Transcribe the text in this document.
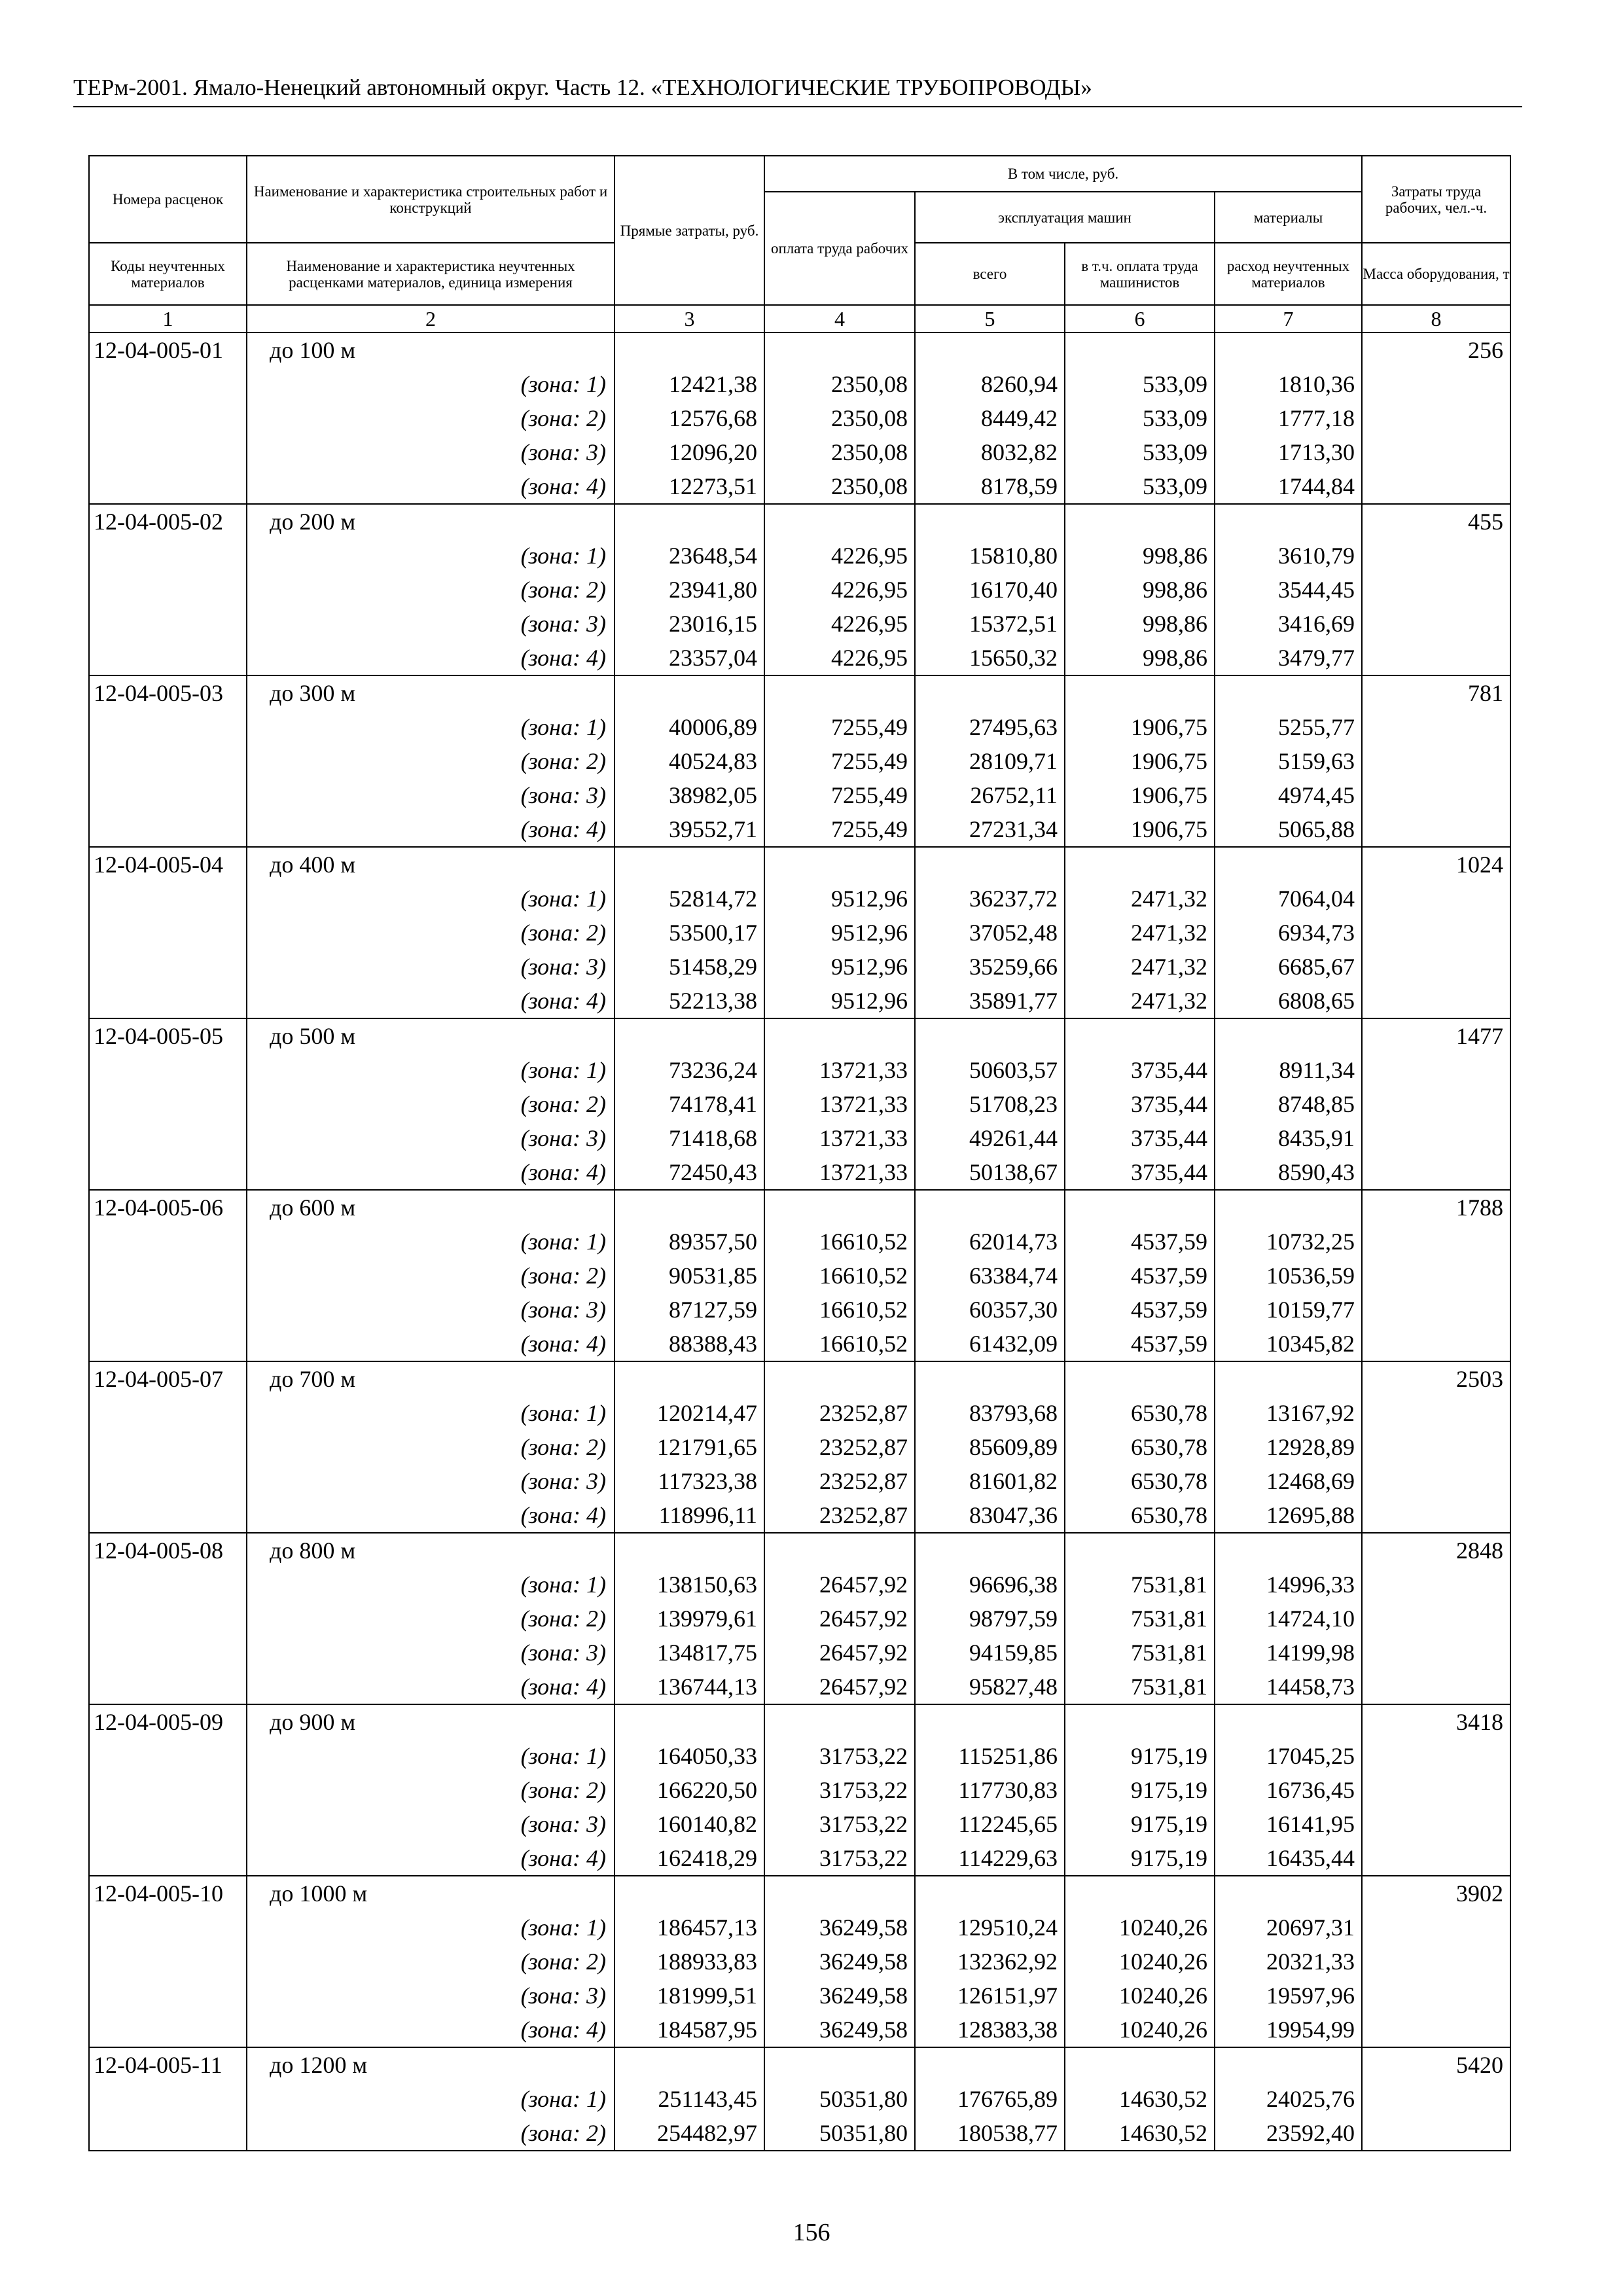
ТЕРм-2001. Ямало-Ненецкий автономный округ. Часть 12. «ТЕХНОЛОГИЧЕСКИЕ ТРУБОПРОВОДЫ»
Номера расценок	Наименование и характеристика строительных работ и конструкций	Прямые затраты, руб.	В том числе, руб.				Затраты труда рабочих, чел.-ч.
			оплата труда рабочих	эксплуатация машин		материалы	
Коды неучтенных материалов	Наименование и характеристика неучтенных расценками материалов, единица измерения			всего	в т.ч. оплата труда машинистов	расход неучтенных материалов	Масса оборудования, т
1	2	3	4	5	6	7	8
12-04-005-01	до 100 м						256
	(зона: 1)	12421,38	2350,08	8260,94	533,09	1810,36	
	(зона: 2)	12576,68	2350,08	8449,42	533,09	1777,18	
	(зона: 3)	12096,20	2350,08	8032,82	533,09	1713,30	
	(зона: 4)	12273,51	2350,08	8178,59	533,09	1744,84	
12-04-005-02	до 200 м						455
	(зона: 1)	23648,54	4226,95	15810,80	998,86	3610,79	
	(зона: 2)	23941,80	4226,95	16170,40	998,86	3544,45	
	(зона: 3)	23016,15	4226,95	15372,51	998,86	3416,69	
	(зона: 4)	23357,04	4226,95	15650,32	998,86	3479,77	
12-04-005-03	до 300 м						781
	(зона: 1)	40006,89	7255,49	27495,63	1906,75	5255,77	
	(зона: 2)	40524,83	7255,49	28109,71	1906,75	5159,63	
	(зона: 3)	38982,05	7255,49	26752,11	1906,75	4974,45	
	(зона: 4)	39552,71	7255,49	27231,34	1906,75	5065,88	
12-04-005-04	до 400 м						1024
	(зона: 1)	52814,72	9512,96	36237,72	2471,32	7064,04	
	(зона: 2)	53500,17	9512,96	37052,48	2471,32	6934,73	
	(зона: 3)	51458,29	9512,96	35259,66	2471,32	6685,67	
	(зона: 4)	52213,38	9512,96	35891,77	2471,32	6808,65	
12-04-005-05	до 500 м						1477
	(зона: 1)	73236,24	13721,33	50603,57	3735,44	8911,34	
	(зона: 2)	74178,41	13721,33	51708,23	3735,44	8748,85	
	(зона: 3)	71418,68	13721,33	49261,44	3735,44	8435,91	
	(зона: 4)	72450,43	13721,33	50138,67	3735,44	8590,43	
12-04-005-06	до 600 м						1788
	(зона: 1)	89357,50	16610,52	62014,73	4537,59	10732,25	
	(зона: 2)	90531,85	16610,52	63384,74	4537,59	10536,59	
	(зона: 3)	87127,59	16610,52	60357,30	4537,59	10159,77	
	(зона: 4)	88388,43	16610,52	61432,09	4537,59	10345,82	
12-04-005-07	до 700 м						2503
	(зона: 1)	120214,47	23252,87	83793,68	6530,78	13167,92	
	(зона: 2)	121791,65	23252,87	85609,89	6530,78	12928,89	
	(зона: 3)	117323,38	23252,87	81601,82	6530,78	12468,69	
	(зона: 4)	118996,11	23252,87	83047,36	6530,78	12695,88	
12-04-005-08	до 800 м						2848
	(зона: 1)	138150,63	26457,92	96696,38	7531,81	14996,33	
	(зона: 2)	139979,61	26457,92	98797,59	7531,81	14724,10	
	(зона: 3)	134817,75	26457,92	94159,85	7531,81	14199,98	
	(зона: 4)	136744,13	26457,92	95827,48	7531,81	14458,73	
12-04-005-09	до 900 м						3418
	(зона: 1)	164050,33	31753,22	115251,86	9175,19	17045,25	
	(зона: 2)	166220,50	31753,22	117730,83	9175,19	16736,45	
	(зона: 3)	160140,82	31753,22	112245,65	9175,19	16141,95	
	(зона: 4)	162418,29	31753,22	114229,63	9175,19	16435,44	
12-04-005-10	до 1000 м						3902
	(зона: 1)	186457,13	36249,58	129510,24	10240,26	20697,31	
	(зона: 2)	188933,83	36249,58	132362,92	10240,26	20321,33	
	(зона: 3)	181999,51	36249,58	126151,97	10240,26	19597,96	
	(зона: 4)	184587,95	36249,58	128383,38	10240,26	19954,99	
12-04-005-11	до 1200 м						5420
	(зона: 1)	251143,45	50351,80	176765,89	14630,52	24025,76	
	(зона: 2)	254482,97	50351,80	180538,77	14630,52	23592,40	
156
